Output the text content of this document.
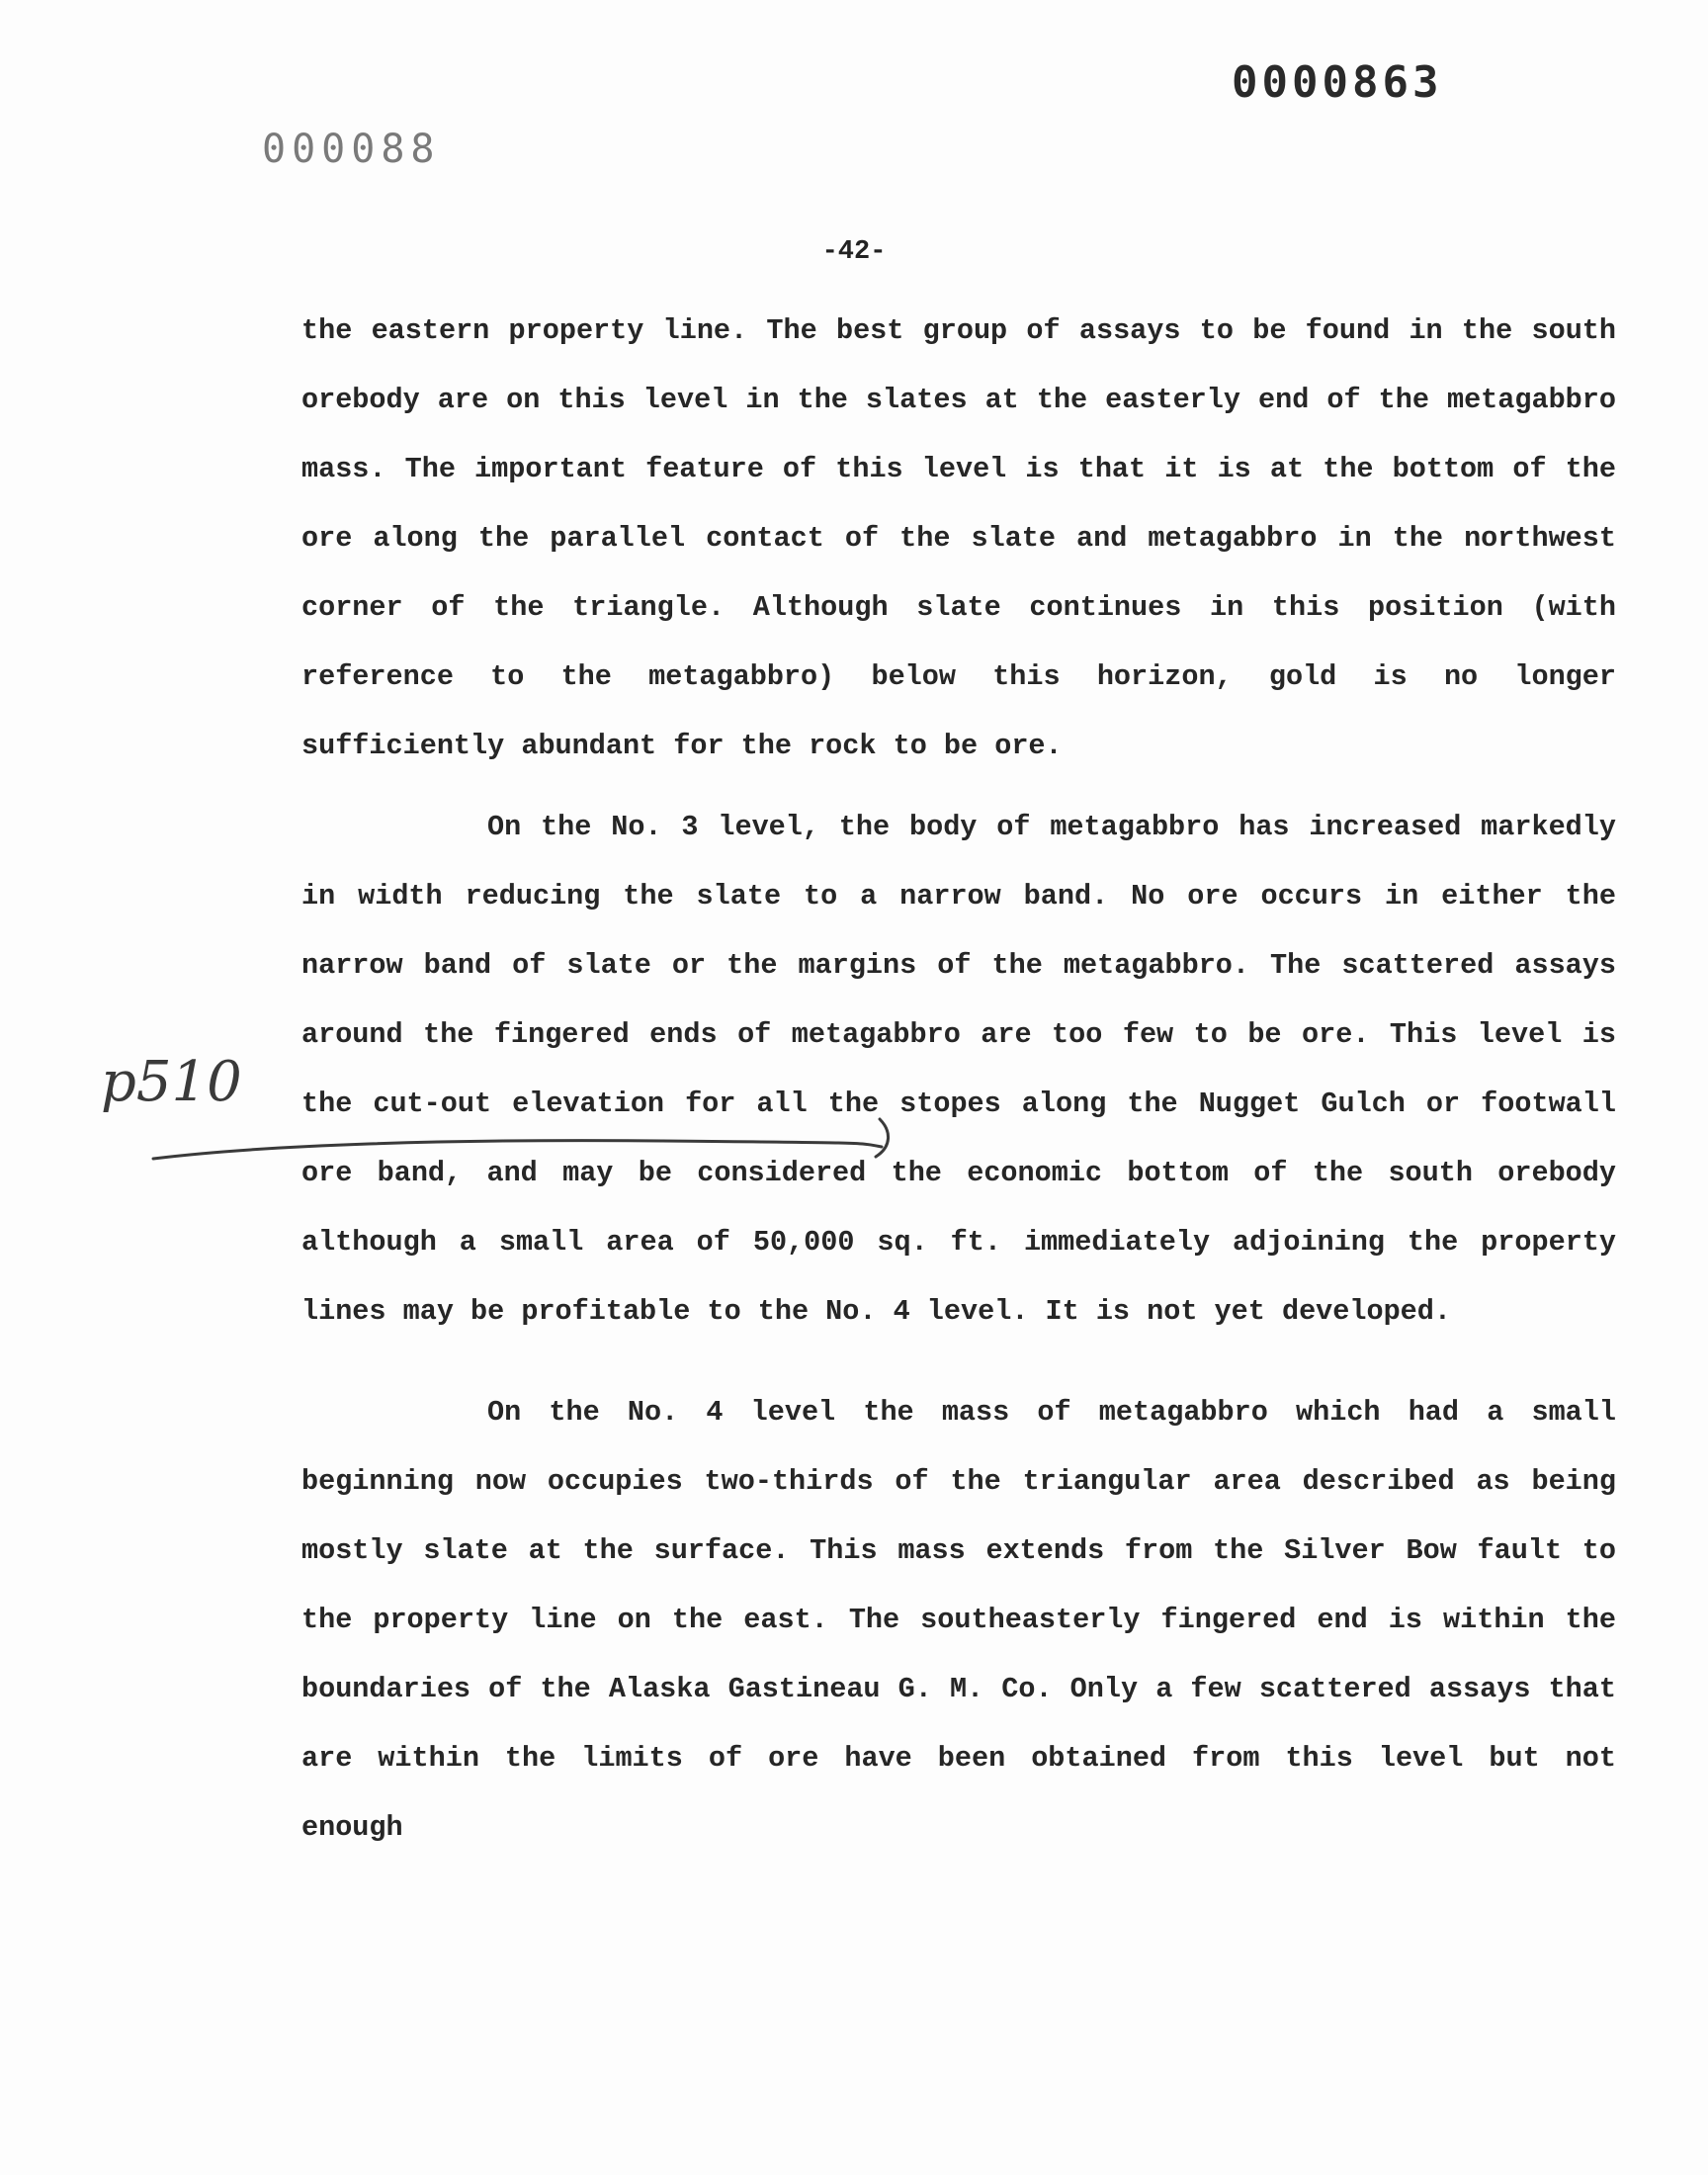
0000863

000088

-42-

p510

the eastern property line. The best group of assays to be found in the south orebody are on this level in the slates at the easterly end of the metagabbro mass. The important feature of this level is that it is at the bottom of the ore along the parallel contact of the slate and metagabbro in the northwest corner of the triangle. Although slate continues in this position (with reference to the metagabbro) below this horizon, gold is no longer sufficiently abundant for the rock to be ore.

On the No. 3 level, the body of metagabbro has increased markedly in width reducing the slate to a narrow band. No ore occurs in either the narrow band of slate or the margins of the metagabbro. The scattered assays around the fingered ends of metagabbro are too few to be ore. This level is the cut-out elevation for all the stopes along the Nugget Gulch or footwall ore band, and may be considered the economic bottom of the south orebody although a small area of 50,000 sq. ft. immediately adjoining the property lines may be profitable to the No. 4 level. It is not yet developed.

On the No. 4 level the mass of metagabbro which had a small beginning now occupies two-thirds of the triangular area described as being mostly slate at the surface. This mass extends from the Silver Bow fault to the property line on the east. The southeasterly fingered end is within the boundaries of the Alaska Gastineau G. M. Co. Only a few scattered assays that are within the limits of ore have been obtained from this level but not enough
